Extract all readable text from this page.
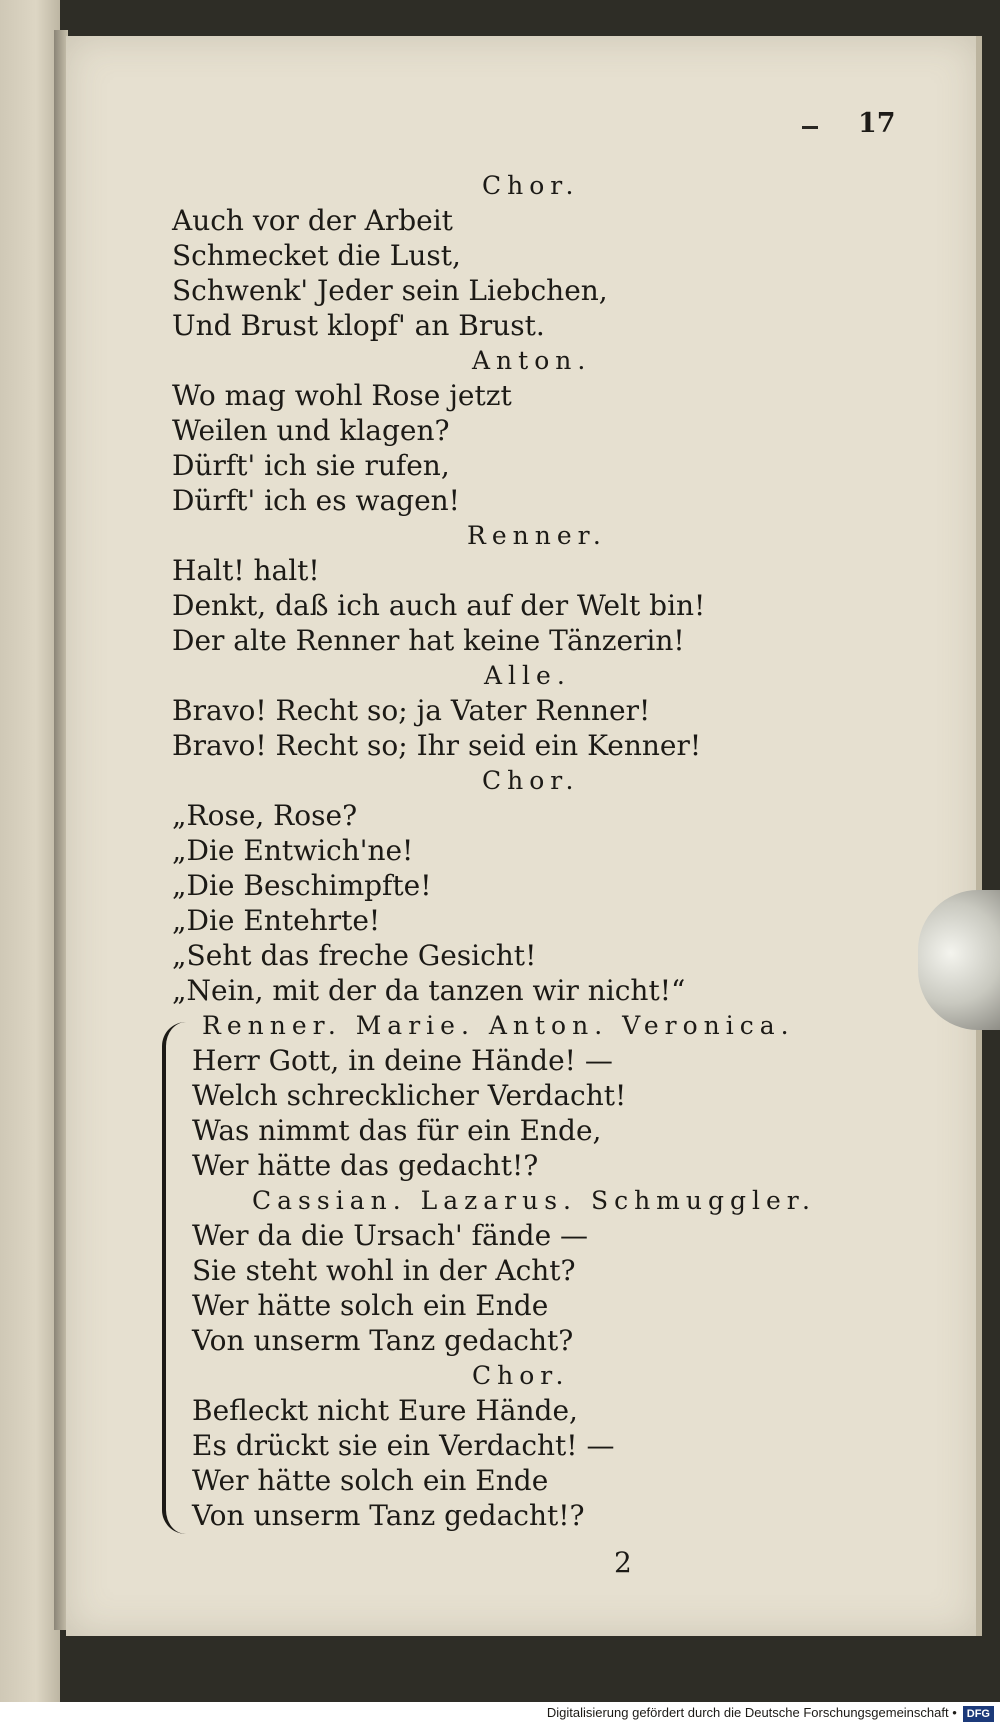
17
Chor.
Auch vor der Arbeit
Schmecket die Lust,
Schwenk' Jeder sein Liebchen,
Und Brust klopf' an Brust.
Anton.
Wo mag wohl Rose jetzt
Weilen und klagen?
Dürft' ich sie rufen,
Dürft' ich es wagen!
Renner.
Halt! halt!
Denkt, daß ich auch auf der Welt bin!
Der alte Renner hat keine Tänzerin!
Alle.
Bravo! Recht so; ja Vater Renner!
Bravo! Recht so; Ihr seid ein Kenner!
Chor.
„Rose, Rose?
„Die Entwich'ne!
„Die Beschimpfte!
„Die Entehrte!
„Seht das freche Gesicht!
„Nein, mit der da tanzen wir nicht!“
Renner. Marie. Anton. Veronica.
Herr Gott, in deine Hände! —
Welch schrecklicher Verdacht!
Was nimmt das für ein Ende,
Wer hätte das gedacht!?
Cassian. Lazarus. Schmuggler.
Wer da die Ursach' fände —
Sie steht wohl in der Acht?
Wer hätte solch ein Ende
Von unserm Tanz gedacht?
Chor.
Befleckt nicht Eure Hände,
Es drückt sie ein Verdacht! —
Wer hätte solch ein Ende
Von unserm Tanz gedacht!?
2
Digitalisierung gefördert durch die Deutsche Forschungsgemeinschaft • DFG
